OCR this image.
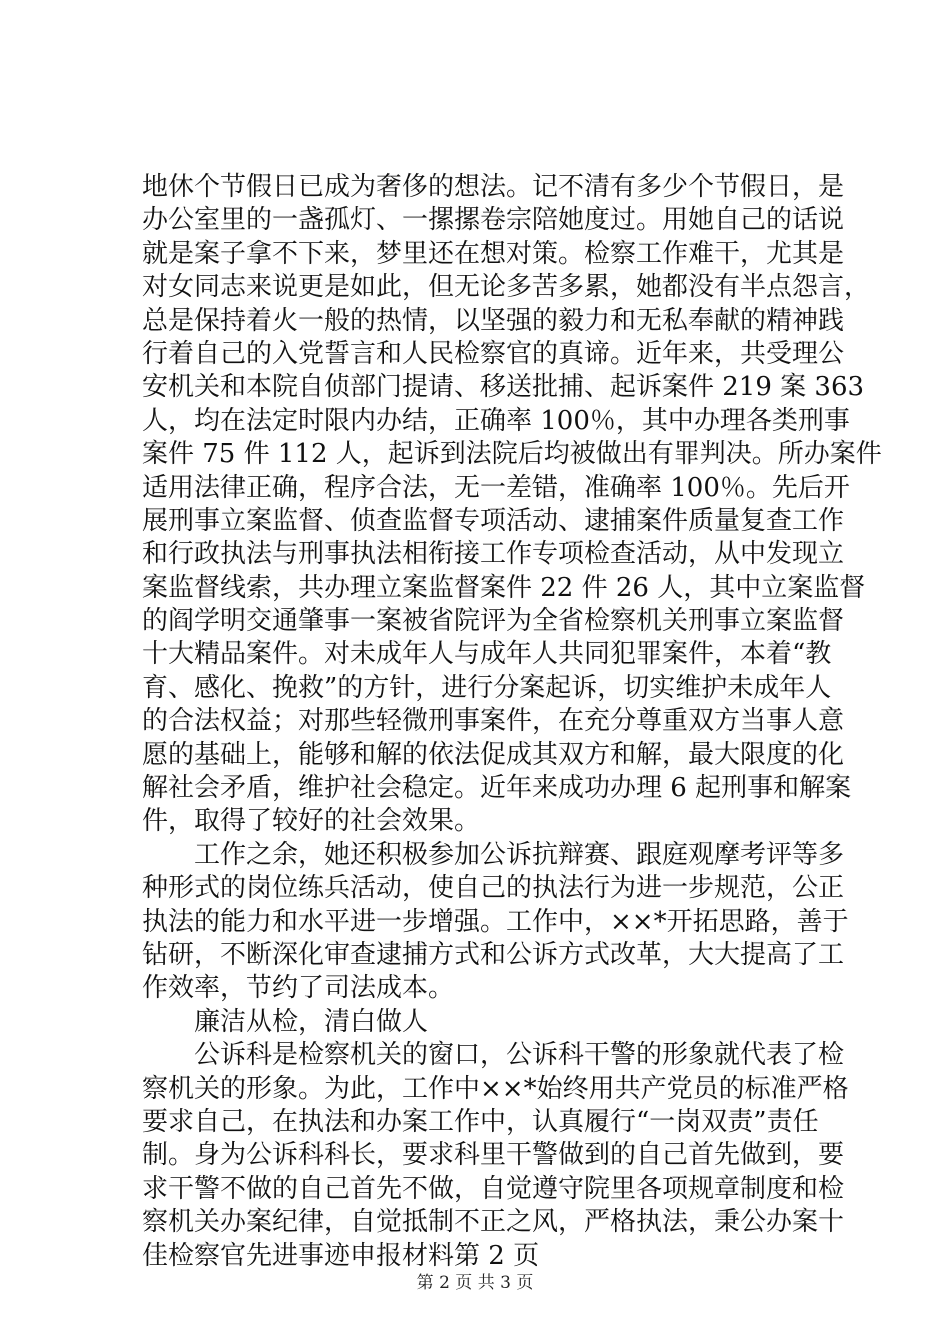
地休个节假日已成为奢侈的想法。记不清有多少个节假日，是
办公室里的一盏孤灯、一摞摞卷宗陪她度过。用她自己的话说
就是案子拿不下来，梦里还在想对策。检察工作难干，尤其是
对女同志来说更是如此，但无论多苦多累，她都没有半点怨言，
总是保持着火一般的热情，以坚强的毅力和无私奉献的精神践
行着自己的入党誓言和人民检察官的真谛。近年来，共受理公
安机关和本院自侦部门提请、移送批捕、起诉案件 219 案 363
人，均在法定时限内办结，正确率 100％，其中办理各类刑事
案件 75 件 112 人，起诉到法院后均被做出有罪判决。所办案件
适用法律正确，程序合法，无一差错，准确率 100％。先后开
展刑事立案监督、侦查监督专项活动、逮捕案件质量复查工作
和行政执法与刑事执法相衔接工作专项检查活动，从中发现立
案监督线索，共办理立案监督案件 22 件 26 人，其中立案监督
的阎学明交通肇事一案被省院评为全省检察机关刑事立案监督
十大精品案件。对未成年人与成年人共同犯罪案件，本着“教
育、感化、挽救”的方针，进行分案起诉，切实维护未成年人
的合法权益；对那些轻微刑事案件，在充分尊重双方当事人意
愿的基础上，能够和解的依法促成其双方和解，最大限度的化
解社会矛盾，维护社会稳定。近年来成功办理 6 起刑事和解案
件，取得了较好的社会效果。
工作之余，她还积极参加公诉抗辩赛、跟庭观摩考评等多
种形式的岗位练兵活动，使自己的执法行为进一步规范，公正
执法的能力和水平进一步增强。工作中，××*开拓思路，善于
钻研，不断深化审查逮捕方式和公诉方式改革，大大提高了工
作效率，节约了司法成本。
廉洁从检，清白做人
公诉科是检察机关的窗口，公诉科干警的形象就代表了检
察机关的形象。为此，工作中××*始终用共产党员的标准严格
要求自己，在执法和办案工作中，认真履行“一岗双责”责任
制。身为公诉科科长，要求科里干警做到的自己首先做到，要
求干警不做的自己首先不做，自觉遵守院里各项规章制度和检
察机关办案纪律，自觉抵制不正之风，严格执法，秉公办案十
佳检察官先进事迹申报材料第 2 页
第 2 页 共 3 页
